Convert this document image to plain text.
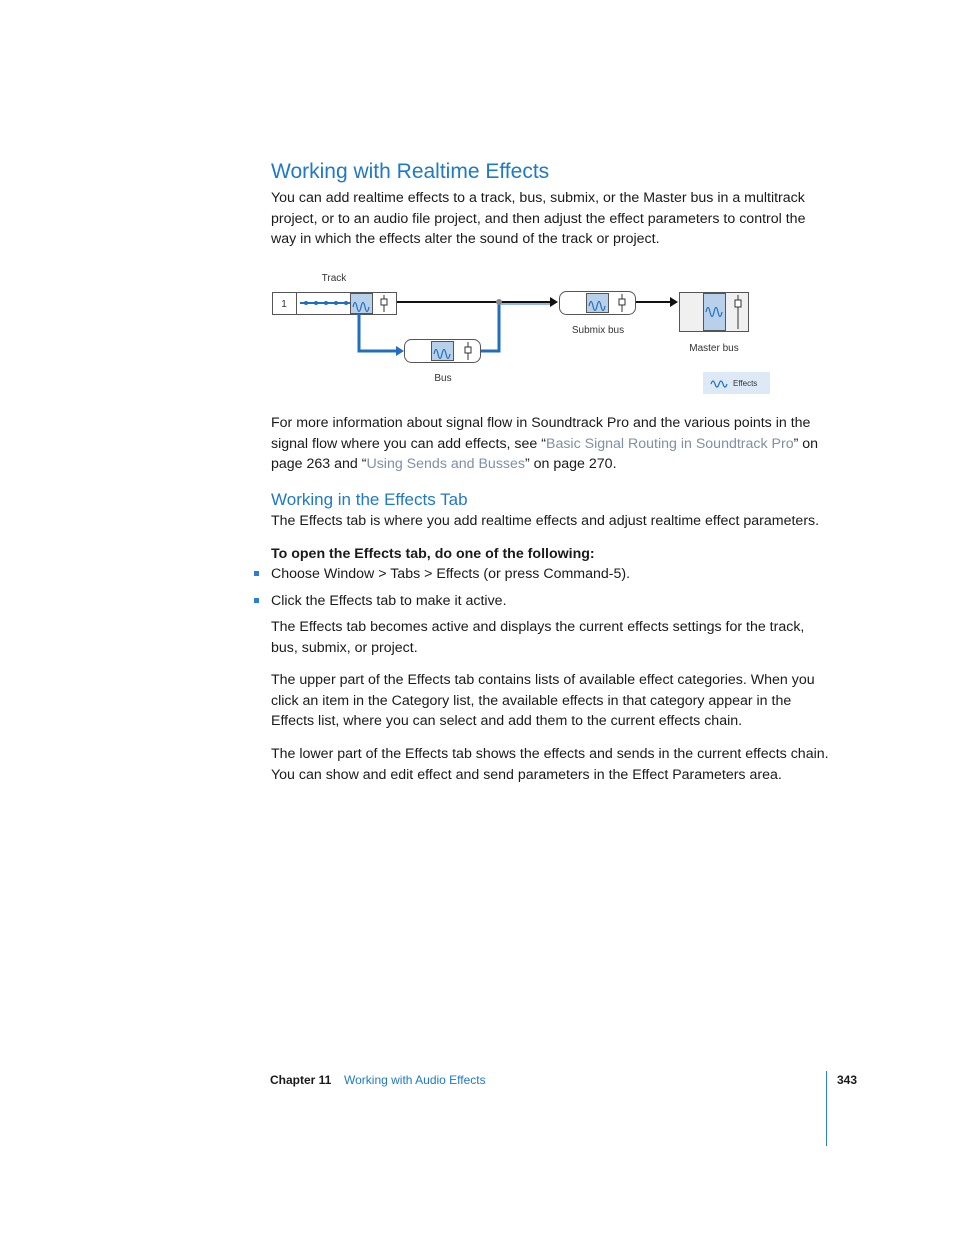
Working with Realtime Effects
You can add realtime effects to a track, bus, submix, or the Master bus in a multitrack project, or to an audio file project, and then adjust the effect parameters to control the way in which the effects alter the sound of the track or project.
Track
1
Bus
Submix bus
Master bus
Effects
For more information about signal flow in Soundtrack Pro and the various points in the signal flow where you can add effects, see “Basic Signal Routing in Soundtrack Pro” on page 263 and “Using Sends and Busses” on page 270.
Working in the Effects Tab
The Effects tab is where you add realtime effects and adjust realtime effect parameters.
To open the Effects tab, do one of the following:
Choose Window > Tabs > Effects (or press Command-5).
Click the Effects tab to make it active.
The Effects tab becomes active and displays the current effects settings for the track, bus, submix, or project.
The upper part of the Effects tab contains lists of available effect categories. When you click an item in the Category list, the available effects in that category appear in the Effects list, where you can select and add them to the current effects chain.
The lower part of the Effects tab shows the effects and sends in the current effects chain. You can show and edit effect and send parameters in the Effect Parameters area.
Chapter 11 Working with Audio Effects	343
